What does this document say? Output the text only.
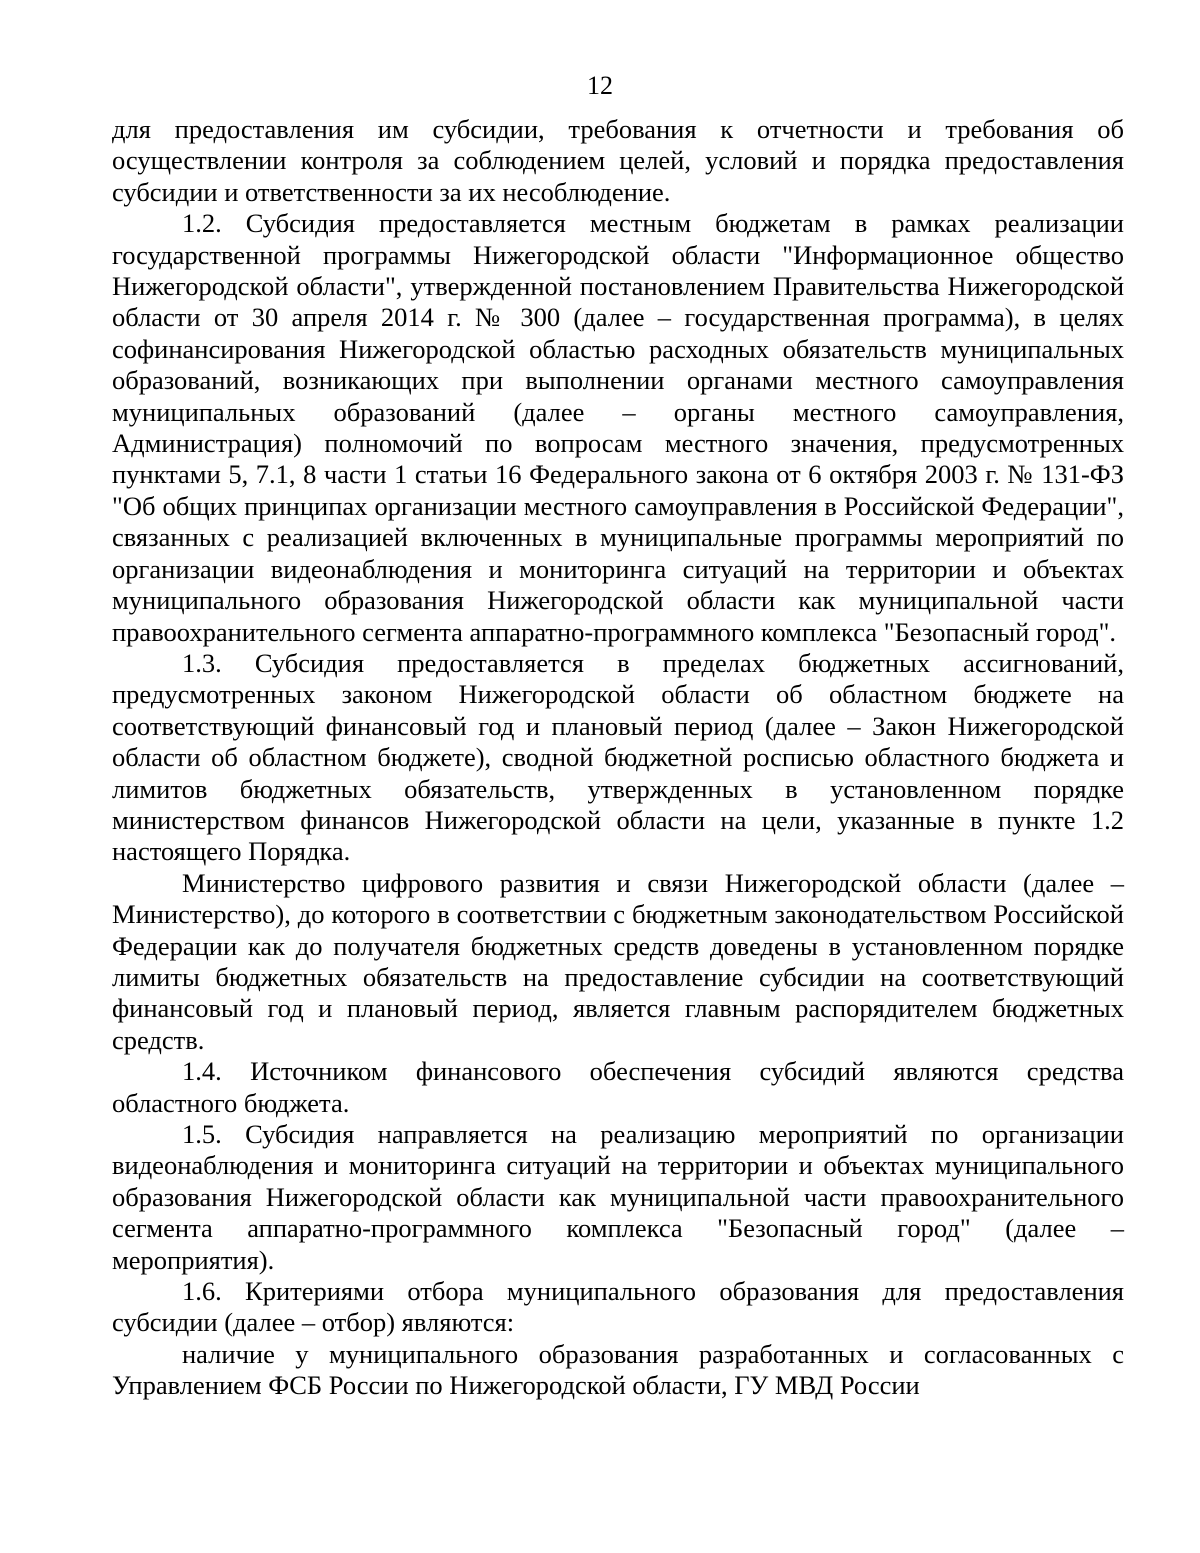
12

для предоставления им субсидии, требования к отчетности и требования об осуществлении контроля за соблюдением целей, условий и порядка предоставления субсидии и ответственности за их несоблюдение.

1.2. Субсидия предоставляется местным бюджетам в рамках реализации государственной программы Нижегородской области "Информационное общество Нижегородской области", утвержденной постановлением Правительства Нижегородской области от 30 апреля 2014 г. № 300 (далее – государственная программа), в целях софинансирования Нижегородской областью расходных обязательств муниципальных образований, возникающих при выполнении органами местного самоуправления муниципальных образований (далее – органы местного самоуправления, Администрация) полномочий по вопросам местного значения, предусмотренных пунктами 5, 7.1, 8 части 1 статьи 16 Федерального закона от 6 октября 2003 г. № 131-ФЗ "Об общих принципах организации местного самоуправления в Российской Федерации", связанных с реализацией включенных в муниципальные программы мероприятий по организации видеонаблюдения и мониторинга ситуаций на территории и объектах муниципального образования Нижегородской области как муниципальной части правоохранительного сегмента аппаратно-программного комплекса "Безопасный город".

1.3. Субсидия предоставляется в пределах бюджетных ассигнований, предусмотренных законом Нижегородской области об областном бюджете на соответствующий финансовый год и плановый период (далее – Закон Нижегородской области об областном бюджете), сводной бюджетной росписью областного бюджета и лимитов бюджетных обязательств, утвержденных в установленном порядке министерством финансов Нижегородской области на цели, указанные в пункте 1.2 настоящего Порядка.

Министерство цифрового развития и связи Нижегородской области (далее – Министерство), до которого в соответствии с бюджетным законодательством Российской Федерации как до получателя бюджетных средств доведены в установленном порядке лимиты бюджетных обязательств на предоставление субсидии на соответствующий финансовый год и плановый период, является главным распорядителем бюджетных средств.

1.4. Источником финансового обеспечения субсидий являются средства областного бюджета.

1.5. Субсидия направляется на реализацию мероприятий по организации видеонаблюдения и мониторинга ситуаций на территории и объектах муниципального образования Нижегородской области как муниципальной части правоохранительного сегмента аппаратно-программного комплекса "Безопасный город" (далее – мероприятия).

1.6. Критериями отбора муниципального образования для предоставления субсидии (далее – отбор) являются:

наличие у муниципального образования разработанных и согласованных с Управлением ФСБ России по Нижегородской области, ГУ МВД России
